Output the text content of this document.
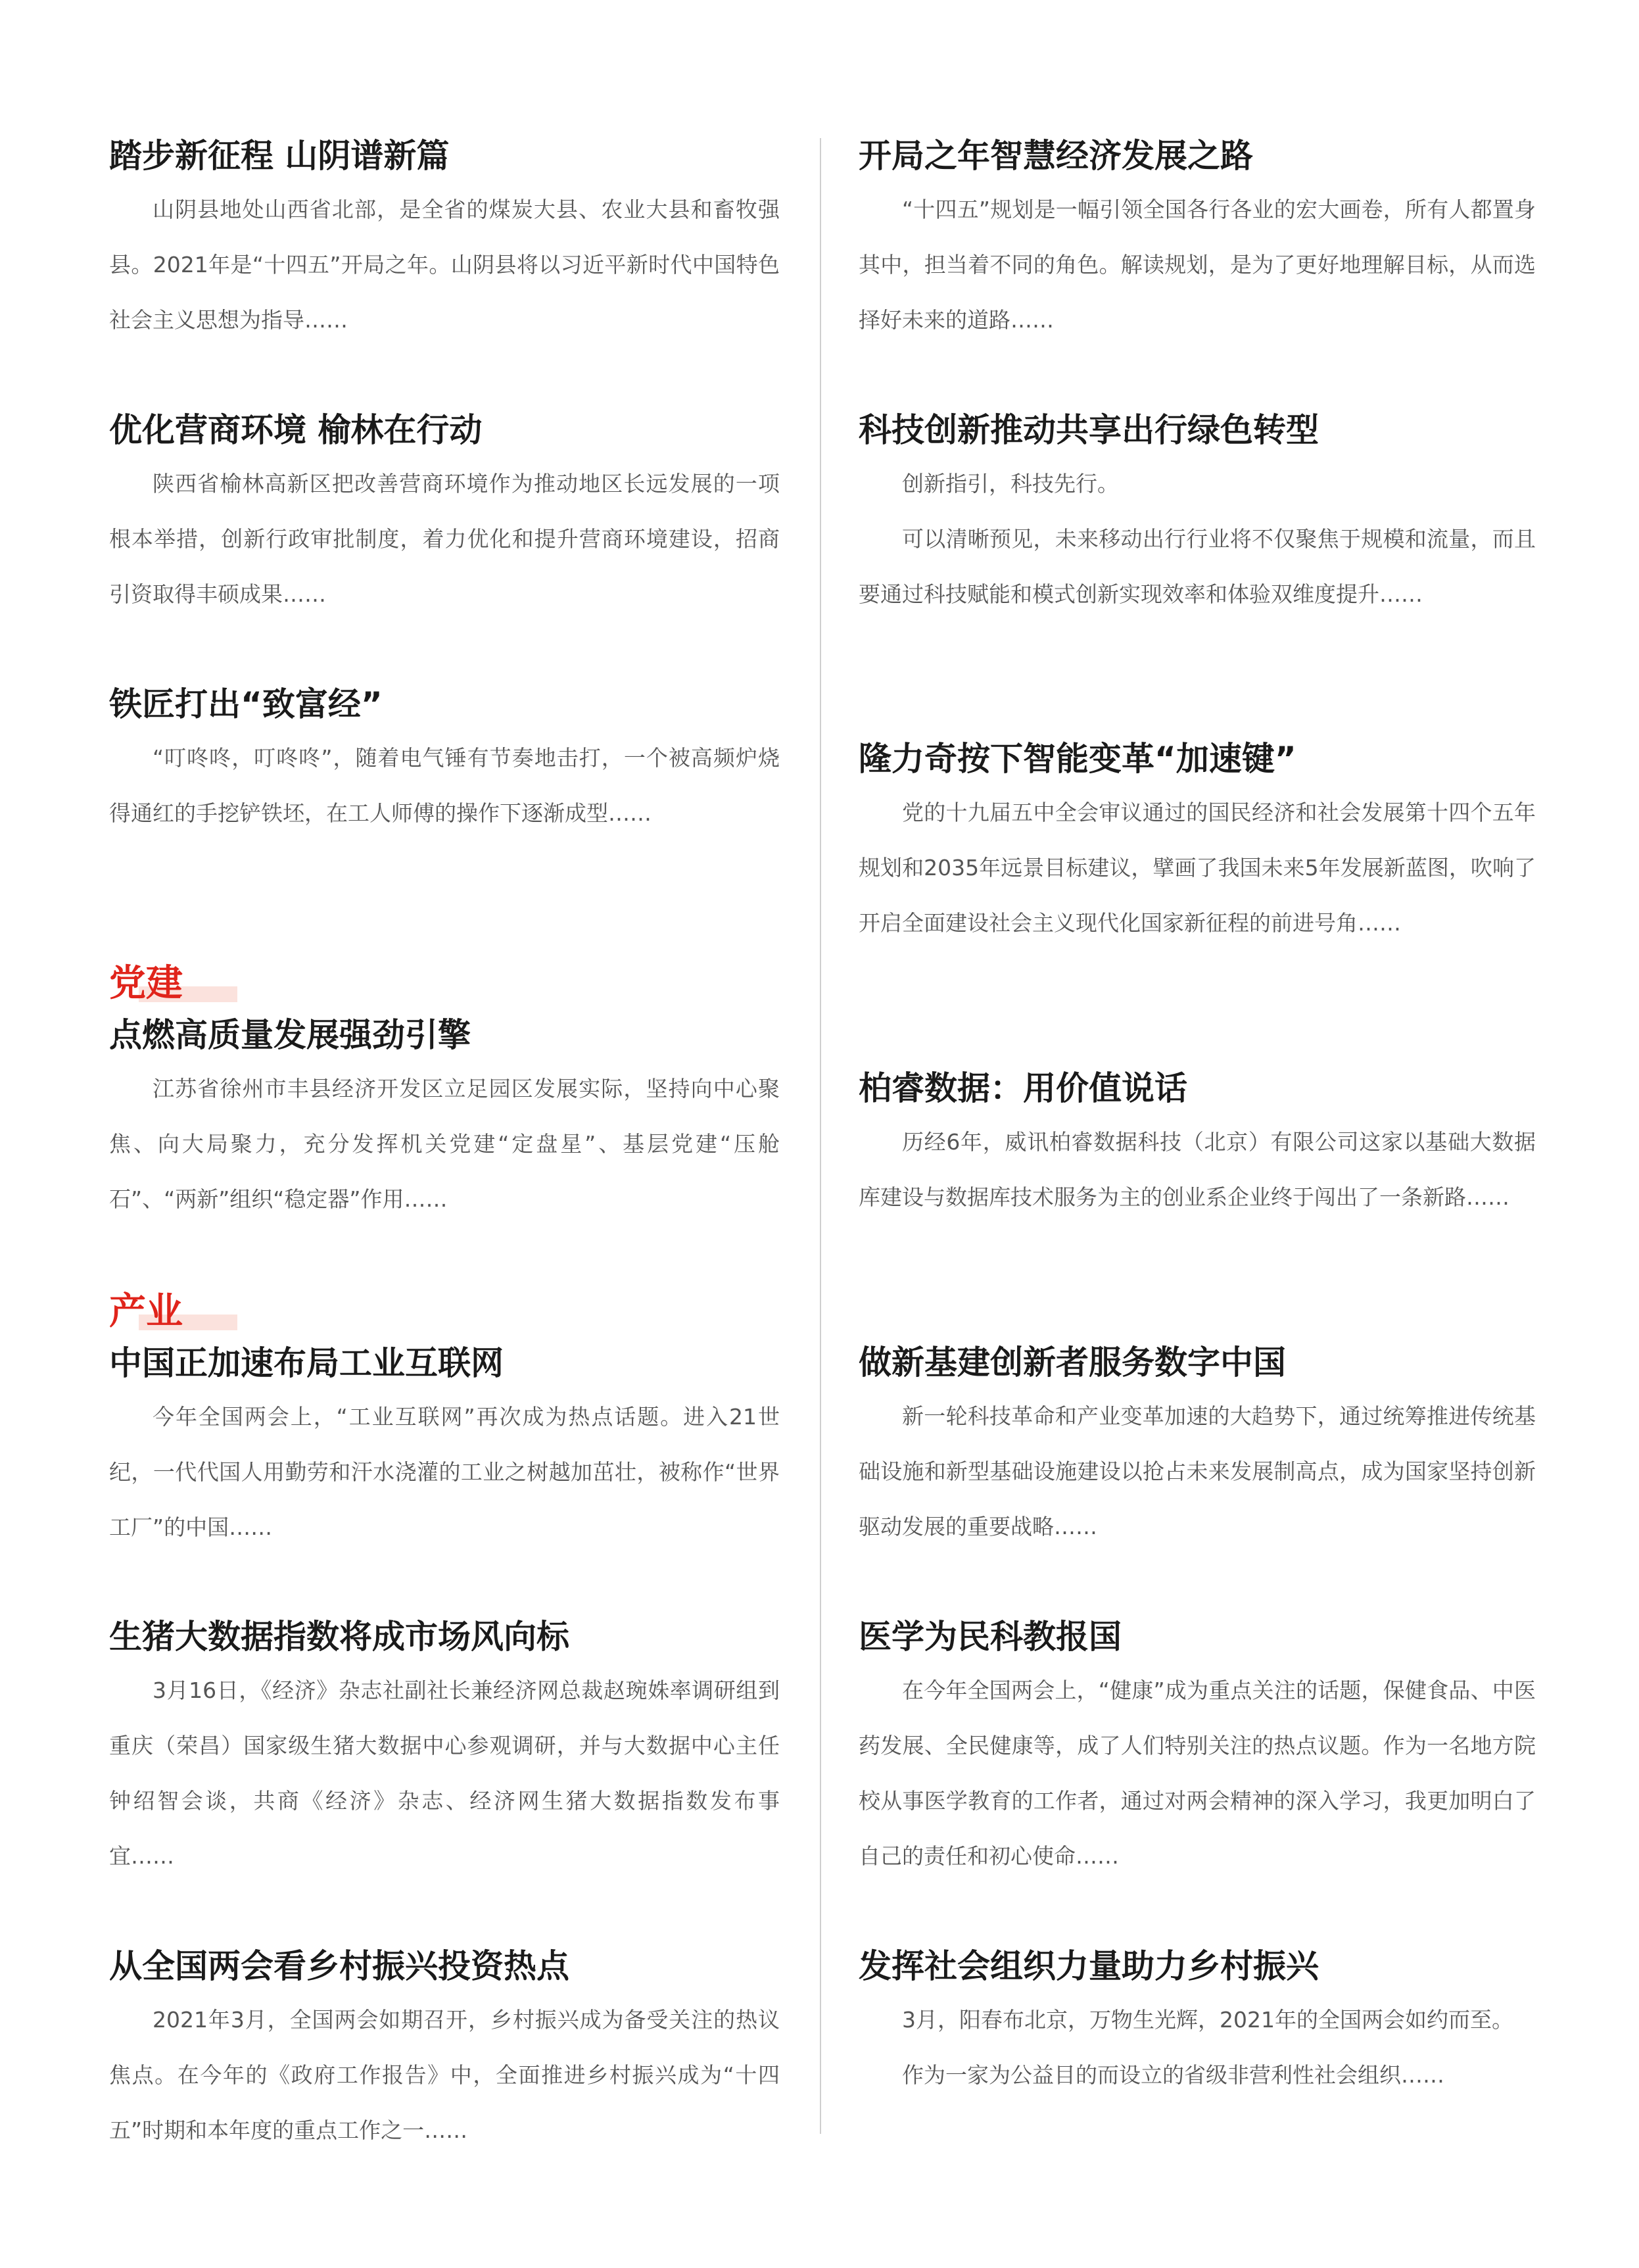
踏步新征程 山阴谱新篇

山阴县地处山西省北部，是全省的煤炭大县、农业大县和畜牧强县。2021年是“十四五”开局之年。山阴县将以习近平新时代中国特色社会主义思想为指导……

优化营商环境 榆林在行动

陕西省榆林高新区把改善营商环境作为推动地区长远发展的一项根本举措，创新行政审批制度，着力优化和提升营商环境建设，招商引资取得丰硕成果……

铁匠打出“致富经”

“叮咚咚，叮咚咚”，随着电气锤有节奏地击打，一个被高频炉烧得通红的手挖铲铁坯，在工人师傅的操作下逐渐成型……

党建
点燃高质量发展强劲引擎

江苏省徐州市丰县经济开发区立足园区发展实际，坚持向中心聚焦、向大局聚力，充分发挥机关党建“定盘星”、基层党建“压舱石”、“两新”组织“稳定器”作用……

产业
中国正加速布局工业互联网

今年全国两会上，“工业互联网”再次成为热点话题。进入21世纪，一代代国人用勤劳和汗水浇灌的工业之树越加茁壮，被称作“世界工厂”的中国……

生猪大数据指数将成市场风向标

3月16日，《经济》杂志社副社长兼经济网总裁赵琬姝率调研组到重庆（荣昌）国家级生猪大数据中心参观调研，并与大数据中心主任钟绍智会谈，共商《经济》杂志、经济网生猪大数据指数发布事宜……

从全国两会看乡村振兴投资热点

2021年3月，全国两会如期召开，乡村振兴成为备受关注的热议焦点。在今年的《政府工作报告》中，全面推进乡村振兴成为“十四五”时期和本年度的重点工作之一……

开局之年智慧经济发展之路

“十四五”规划是一幅引领全国各行各业的宏大画卷，所有人都置身其中，担当着不同的角色。解读规划，是为了更好地理解目标，从而选择好未来的道路……

科技创新推动共享出行绿色转型

创新指引，科技先行。

可以清晰预见，未来移动出行行业将不仅聚焦于规模和流量，而且要通过科技赋能和模式创新实现效率和体验双维度提升……

隆力奇按下智能变革“加速键”

党的十九届五中全会审议通过的国民经济和社会发展第十四个五年规划和2035年远景目标建议，擘画了我国未来5年发展新蓝图，吹响了开启全面建设社会主义现代化国家新征程的前进号角……

柏睿数据：用价值说话

历经6年，威讯柏睿数据科技（北京）有限公司这家以基础大数据库建设与数据库技术服务为主的创业系企业终于闯出了一条新路……

做新基建创新者服务数字中国

新一轮科技革命和产业变革加速的大趋势下，通过统筹推进传统基础设施和新型基础设施建设以抢占未来发展制高点，成为国家坚持创新驱动发展的重要战略……

医学为民科教报国

在今年全国两会上，“健康”成为重点关注的话题，保健食品、中医药发展、全民健康等，成了人们特别关注的热点议题。作为一名地方院校从事医学教育的工作者，通过对两会精神的深入学习，我更加明白了自己的责任和初心使命……

发挥社会组织力量助力乡村振兴

3月，阳春布北京，万物生光辉，2021年的全国两会如约而至。

作为一家为公益目的而设立的省级非营利性社会组织……
